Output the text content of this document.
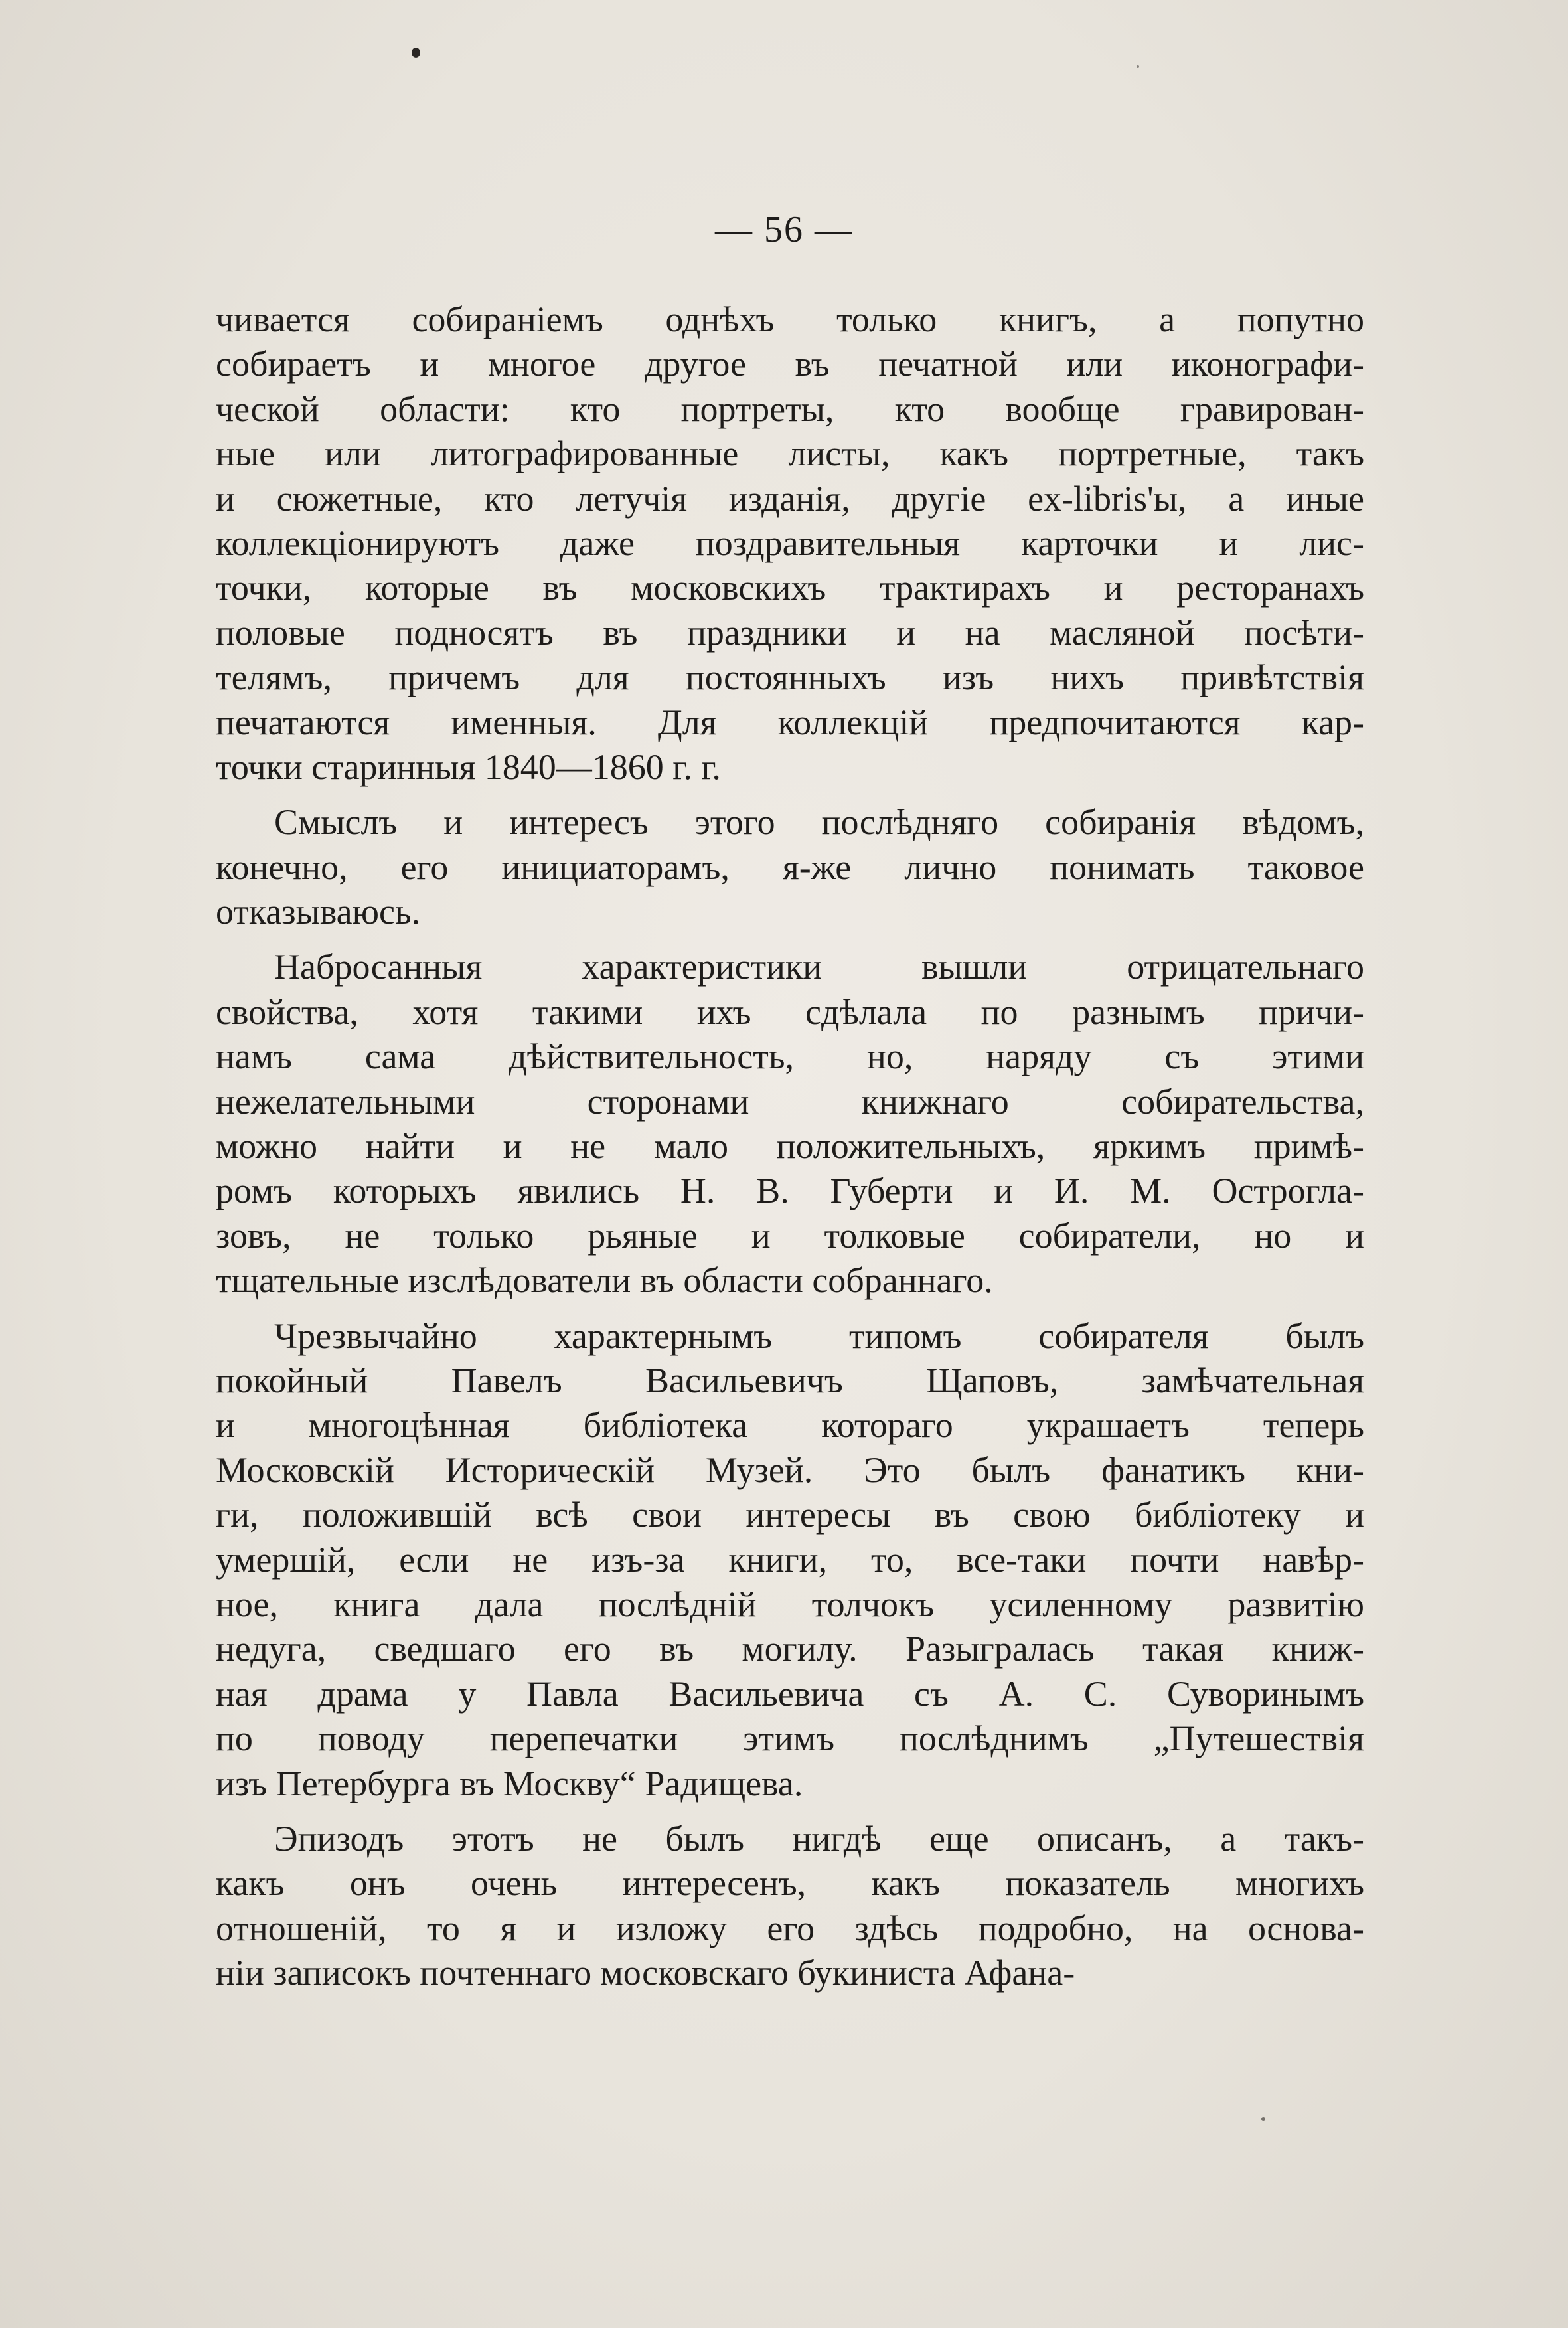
— 56 —
чивается собиранiемъ однѣхъ только книгъ, а попутно
собираетъ и многое другое въ печатной или иконографи-
ческой области: кто портреты, кто вообще гравирован-
ные или литографированные листы, какъ портретные, такъ
и сюжетные, кто летучiя изданiя, другiе ex-libris'ы, а иные
коллекцiонируютъ даже поздравительныя карточки и лис-
точки, которые въ московскихъ трактирахъ и ресторанахъ
половые подносятъ въ праздники и на масляной посѣти-
телямъ, причемъ для постоянныхъ изъ нихъ привѣтствiя
печатаются именныя. Для коллекцiй предпочитаются кар-
точки старинныя 1840—1860 г. г.
Смыслъ и интересъ этого послѣдняго собиранiя вѣдомъ,
конечно, его инициаторамъ, я-же лично понимать таковое
отказываюсь.
Набросанныя характеристики вышли отрицательнаго
свойства, хотя такими ихъ сдѣлала по разнымъ причи-
намъ сама дѣйствительность, но, наряду съ этими
нежелательными сторонами книжнаго собирательства,
можно найти и не мало положительныхъ, яркимъ примѣ-
ромъ которыхъ явились Н. В. Губерти и И. М. Острогла-
зовъ, не только рьяные и толковые собиратели, но и
тщательные изслѣдователи въ области собраннаго.
Чрезвычайно характернымъ типомъ собирателя былъ
покойный Павелъ Васильевичъ Щаповъ, замѣчательная
и многоцѣнная библiотека котораго украшаетъ теперь
Московскiй Историческiй Музей. Это былъ фанатикъ кни-
ги, положившiй всѣ свои интересы въ свою библiотеку и
умершiй, если не изъ-за книги, то, все-таки почти навѣр-
ное, книга дала послѣднiй толчокъ усиленному развитiю
недуга, сведшаго его въ могилу. Разыгралась такая книж-
ная драма у Павла Васильевича съ А. С. Суворинымъ
по поводу перепечатки этимъ послѣднимъ „Путешествiя
изъ Петербурга въ Москву“ Радищева.
Эпизодъ этотъ не былъ нигдѣ еще описанъ, а такъ-
какъ онъ очень интересенъ, какъ показатель многихъ
отношенiй, то я и изложу его здѣсь подробно, на основа-
нiи записокъ почтеннаго московскаго букиниста Афана-
